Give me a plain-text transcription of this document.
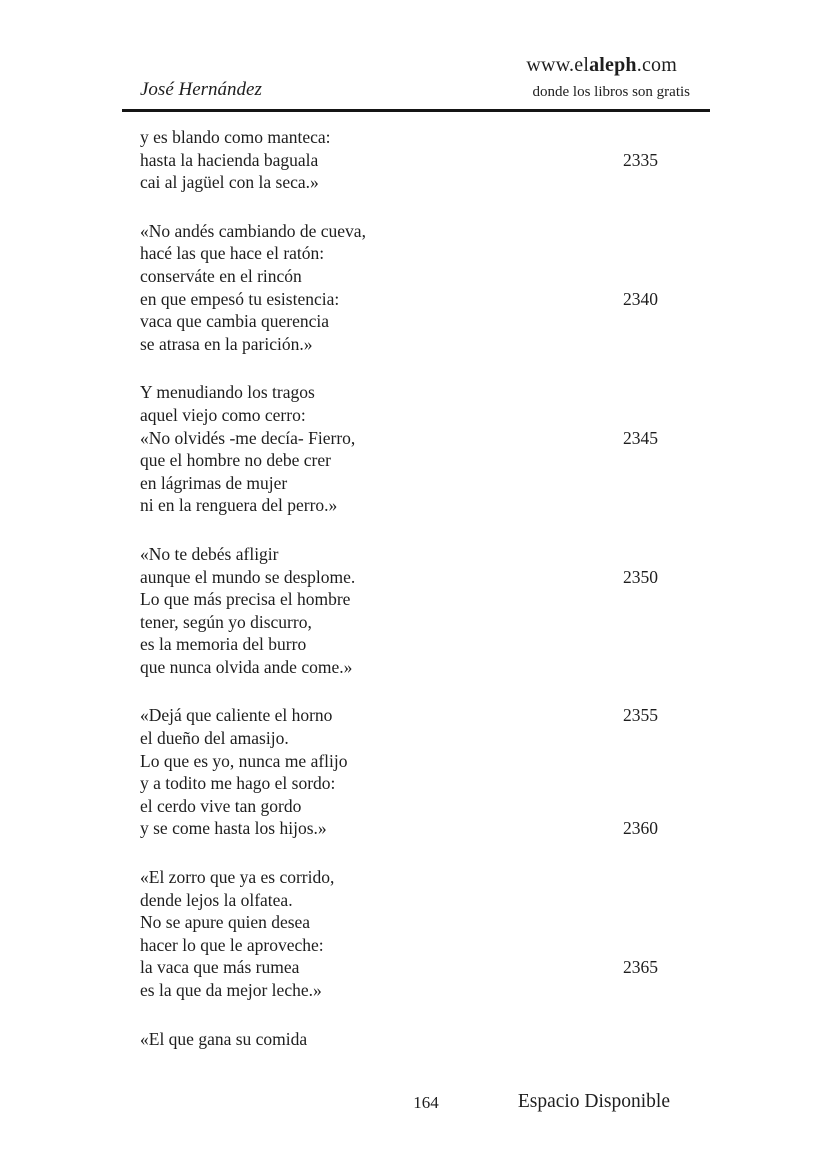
www.elaleph.com
José Hernández	donde los libros son gratis
y es blando como manteca:
hasta la hacienda baguala	2335
cai al jagüel con la seca.»
«No andés cambiando de cueva,
hacé las que hace el ratón:
conserváte en el rincón
en que empesó tu esistencia:	2340
vaca que cambia querencia
se atrasa en la parición.»
Y menudiando los tragos
aquel viejo como cerro:
«No olvidés -me decía- Fierro,	2345
que el hombre no debe crer
en lágrimas de mujer
ni en la renguera del perro.»
«No te debés afligir
aunque el mundo se desplome.	2350
Lo que más precisa el hombre
tener, según yo discurro,
es la memoria del burro
que nunca olvida ande come.»
«Dejá que caliente el horno	2355
el dueño del amasijo.
Lo que es yo, nunca me aflijo
y a todito me hago el sordo:
el cerdo vive tan gordo
y se come hasta los hijos.»	2360
«El zorro que ya es corrido,
dende lejos la olfatea.
No se apure quien desea
hacer lo que le aproveche:
la vaca que más rumea	2365
es la que da mejor leche.»
«El que gana su comida
164	Espacio Disponible
